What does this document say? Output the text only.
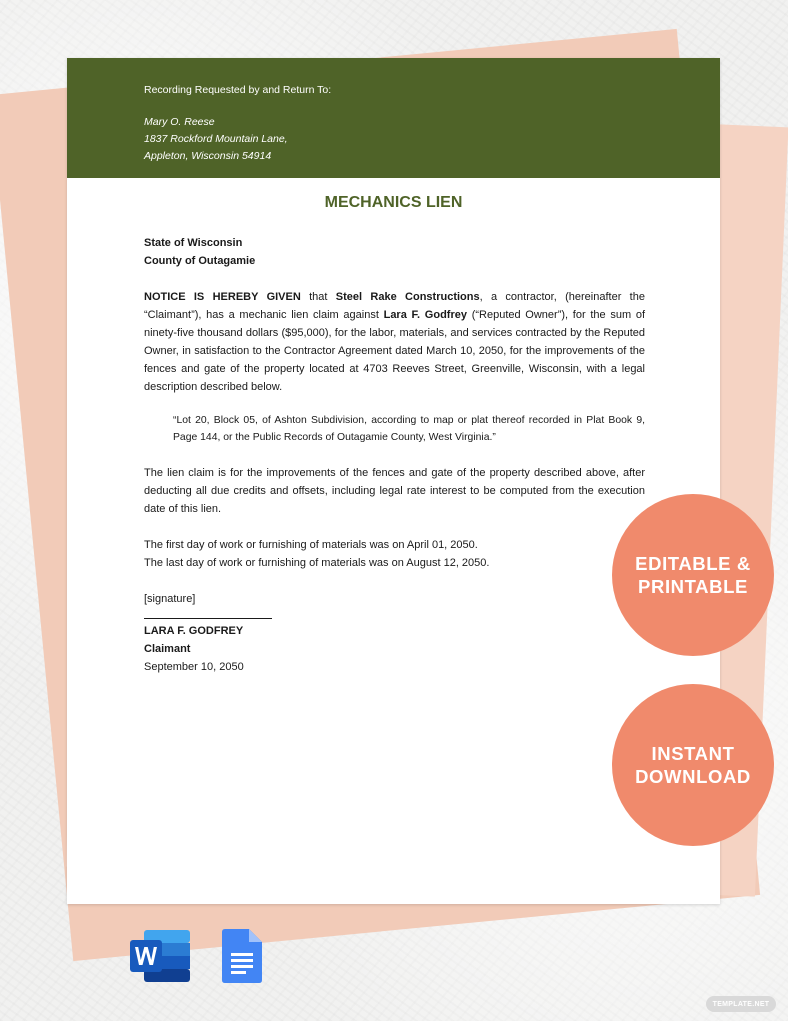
Recording Requested by and Return To:
Mary O. Reese
1837 Rockford Mountain Lane,
Appleton, Wisconsin 54914
MECHANICS LIEN

State of Wisconsin

County of Outagamie

NOTICE IS HEREBY GIVEN that Steel Rake Constructions, a contractor, (hereinafter the “Claimant”), has a mechanic lien claim against Lara F. Godfrey (“Reputed Owner”), for the sum of ninety-five thousand dollars ($95,000), for the labor, materials, and services contracted by the Reputed Owner, in satisfaction to the Contractor Agreement dated March 10, 2050, for the improvements of the fences and gate of the property located at 4703 Reeves Street, Greenville, Wisconsin, with a legal description described below.

“Lot 20, Block 05, of Ashton Subdivision, according to map or plat thereof recorded in Plat Book 9, Page 144, or the Public Records of Outagamie County, West Virginia.”

The lien claim is for the improvements of the fences and gate of the property described above, after deducting all due credits and offsets, including legal rate interest to be computed from the execution date of this lien.

The first day of work or furnishing of materials was on April 01, 2050.

The last day of work or furnishing of materials was on August 12, 2050.

[signature]

LARA F. GODFREY

Claimant

September 10, 2050

EDITABLE &
PRINTABLE
INSTANT
DOWNLOAD
TEMPLATE.NET
